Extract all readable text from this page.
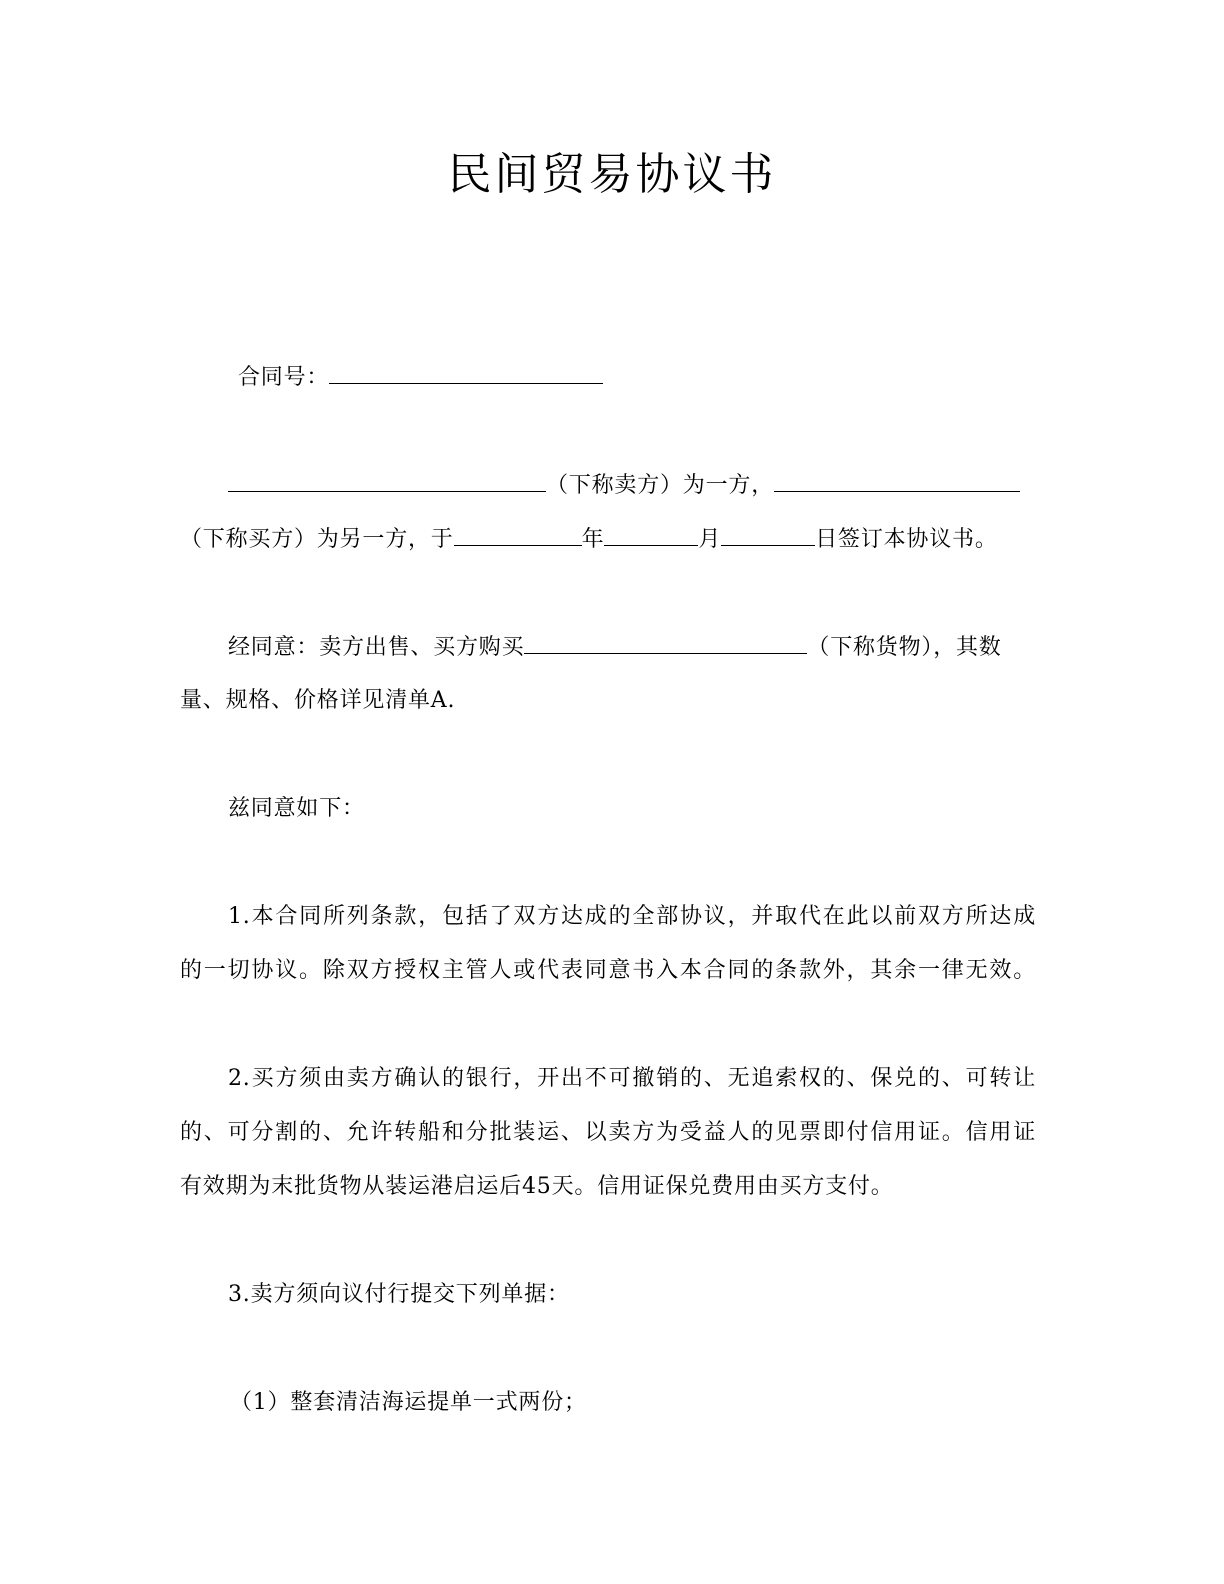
民间贸易协议书
合同号：
（下称卖方）为一方，
（下称买方）为另一方，于	年	月	日签订本协议书。
经同意：卖方出售、买方购买	（下称货物），其数
量、规格、价格详见清单A.
兹同意如下：
1.本合同所列条款，包括了双方达成的全部协议，并取代在此以前双方所达成
的一切协议。除双方授权主管人或代表同意书入本合同的条款外，其余一律无效。
2.买方须由卖方确认的银行，开出不可撤销的、无追索权的、保兑的、可转让
的、可分割的、允许转船和分批装运、以卖方为受益人的见票即付信用证。信用证
有效期为末批货物从装运港启运后45天。信用证保兑费用由买方支付。
3.卖方须向议付行提交下列单据：
（1）整套清洁海运提单一式两份；
